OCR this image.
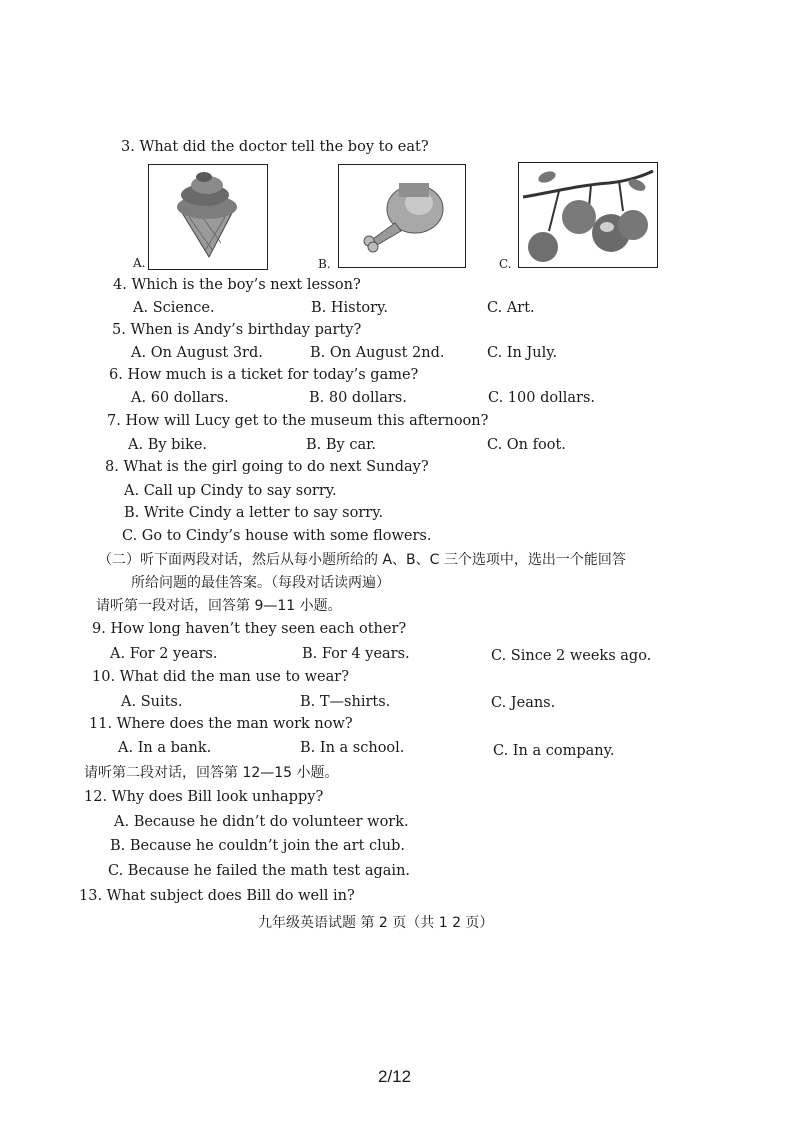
3. What did the doctor tell the boy to eat?
A.	B.	C.
4. Which is the boy’s next lesson?
A. Science.	B. History.	C. Art.
5. When is Andy’s birthday party?
A. On August 3rd.	B. On August 2nd.	C. In July.
6. How much is a ticket for today’s game?
A. 60 dollars.	B. 80 dollars.	C. 100 dollars.
7. How will Lucy get to the museum this afternoon?
A. By bike.	B. By car.	C. On foot.
8. What is the girl going to do next Sunday?
A. Call up Cindy to say sorry.
B. Write Cindy a letter to say sorry.
C. Go to Cindy’s house with some flowers.
（二）听下面两段对话，然后从每小题所给的 A、B、C 三个选项中，选出一个能回答
所给问题的最佳答案。（每段对话读两遍）
请听第一段对话，回答第 9—11 小题。
9. How long haven’t they seen each other?
A. For 2 years.	B. For 4 years.	C. Since 2 weeks ago.
10. What did the man use to wear?
A. Suits.	B. T—shirts.	C. Jeans.
11. Where does the man work now?
A. In a bank.	B. In a school.	C. In a company.
请听第二段对话，回答第 12—15 小题。
12. Why does Bill look unhappy?
A. Because he didn’t do volunteer work.
B. Because he couldn’t join the art club.
C. Because he failed the math test again.
13. What subject does Bill do well in?
九年级英语试题 第 2 页（共 1 2 页）
2/12
